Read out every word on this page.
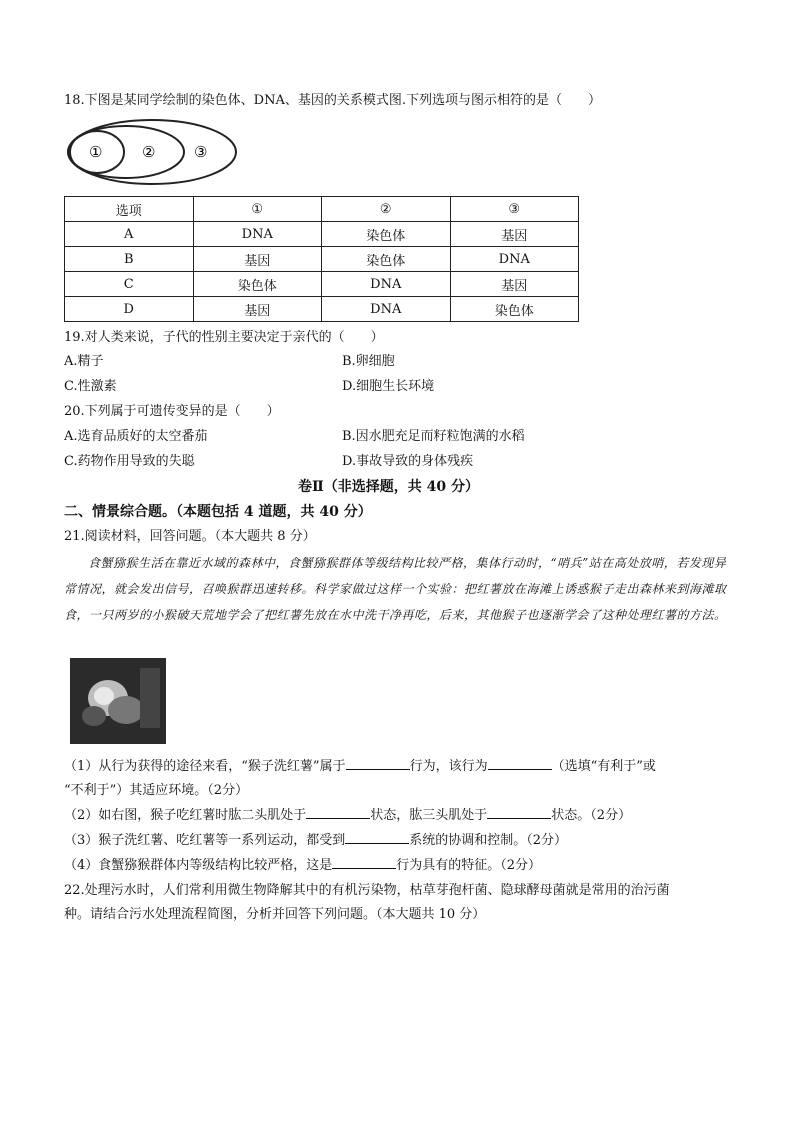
18.下图是某同学绘制的染色体、DNA、基因的关系模式图.下列选项与图示相符的是（　　）
①	②	③
选项	①	②	③
A	DNA	染色体	基因
B	基因	染色体	DNA
C	染色体	DNA	基因
D	基因	DNA	染色体
19.对人类来说，子代的性别主要决定于亲代的（　　）
A.精子	B.卵细胞
C.性激素	D.细胞生长环境
20.下列属于可遗传变异的是（　　）
A.选育品质好的太空番茄	B.因水肥充足而籽粒饱满的水稻
C.药物作用导致的失聪	D.事故导致的身体残疾
卷Ⅱ（非选择题，共 40 分）
二、情景综合题。（本题包括 4 道题，共 40 分）
21.阅读材料，回答问题。（本大题共 8 分）
食蟹猕猴生活在靠近水域的森林中，食蟹猕猴群体等级结构比较严格，集体行动时，“哨兵”站在高处放哨，若发现异常情况，就会发出信号，召唤猴群迅速转移。科学家做过这样一个实验：把红薯放在海滩上诱惑猴子走出森林来到海滩取食，一只两岁的小猴破天荒地学会了把红薯先放在水中洗干净再吃，后来，其他猴子也逐渐学会了这种处理红薯的方法。
（1）从行为获得的途径来看，“猴子洗红薯”属于	行为，该行为	（选填“有利于”或
“不利于”）其适应环境。（2分）
（2）如右图，猴子吃红薯时肱二头肌处于	状态，肱三头肌处于	状态。（2分）
（3）猴子洗红薯、吃红薯等一系列运动，都受到	系统的协调和控制。（2分）
（4）食蟹猕猴群体内等级结构比较严格，这是	行为具有的特征。（2分）
22.处理污水时，人们常利用微生物降解其中的有机污染物，枯草芽孢杆菌、隐球酵母菌就是常用的治污菌
种。请结合污水处理流程简图，分析并回答下列问题。（本大题共 10 分）
